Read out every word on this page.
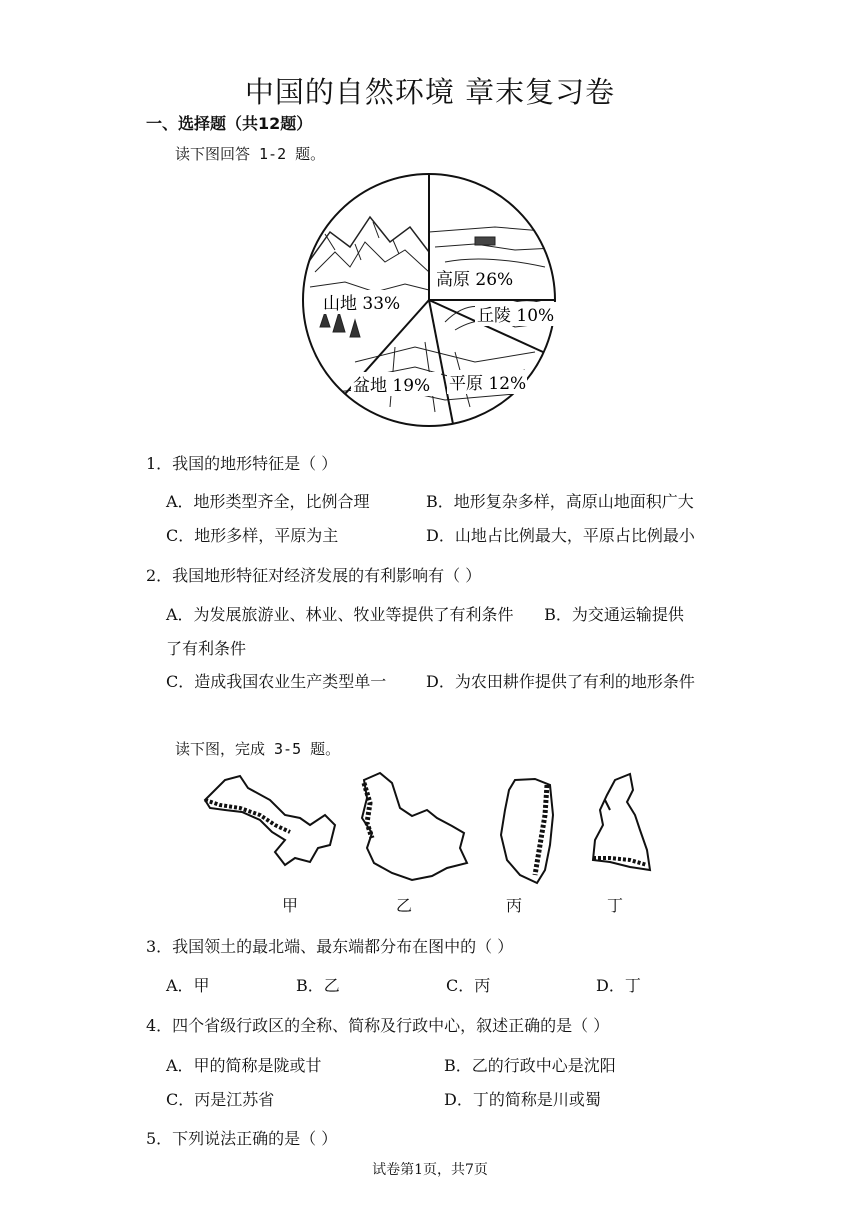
中国的自然环境 章末复习卷
一、选择题（共12题）
读下图回答 1-2 题。
高原 26%
丘陵 10%
山地 33%
盆地 19% 平原 12%
1．我国的地形特征是（ ）
A．地形类型齐全，比例合理	B．地形复杂多样，高原山地面积广大
C．地形多样，平原为主	D．山地占比例最大，平原占比例最小
2．我国地形特征对经济发展的有利影响有（ ）
A．为发展旅游业、林业、牧业等提供了有利条件      B．为交通运输提供
了有利条件
C．造成我国农业生产类型单一 D．为农田耕作提供了有利的地形条件
读下图，完成 3-5 题。
甲	乙	丙	丁
3．我国领土的最北端、最东端都分布在图中的（ ）
A．甲	B．乙	C．丙	D．丁
4．四个省级行政区的全称、简称及行政中心，叙述正确的是（ ）
A．甲的简称是陇或甘	B．乙的行政中心是沈阳
C．丙是江苏省	D．丁的简称是川或蜀
5．下列说法正确的是（ ）
试卷第1页，共7页
